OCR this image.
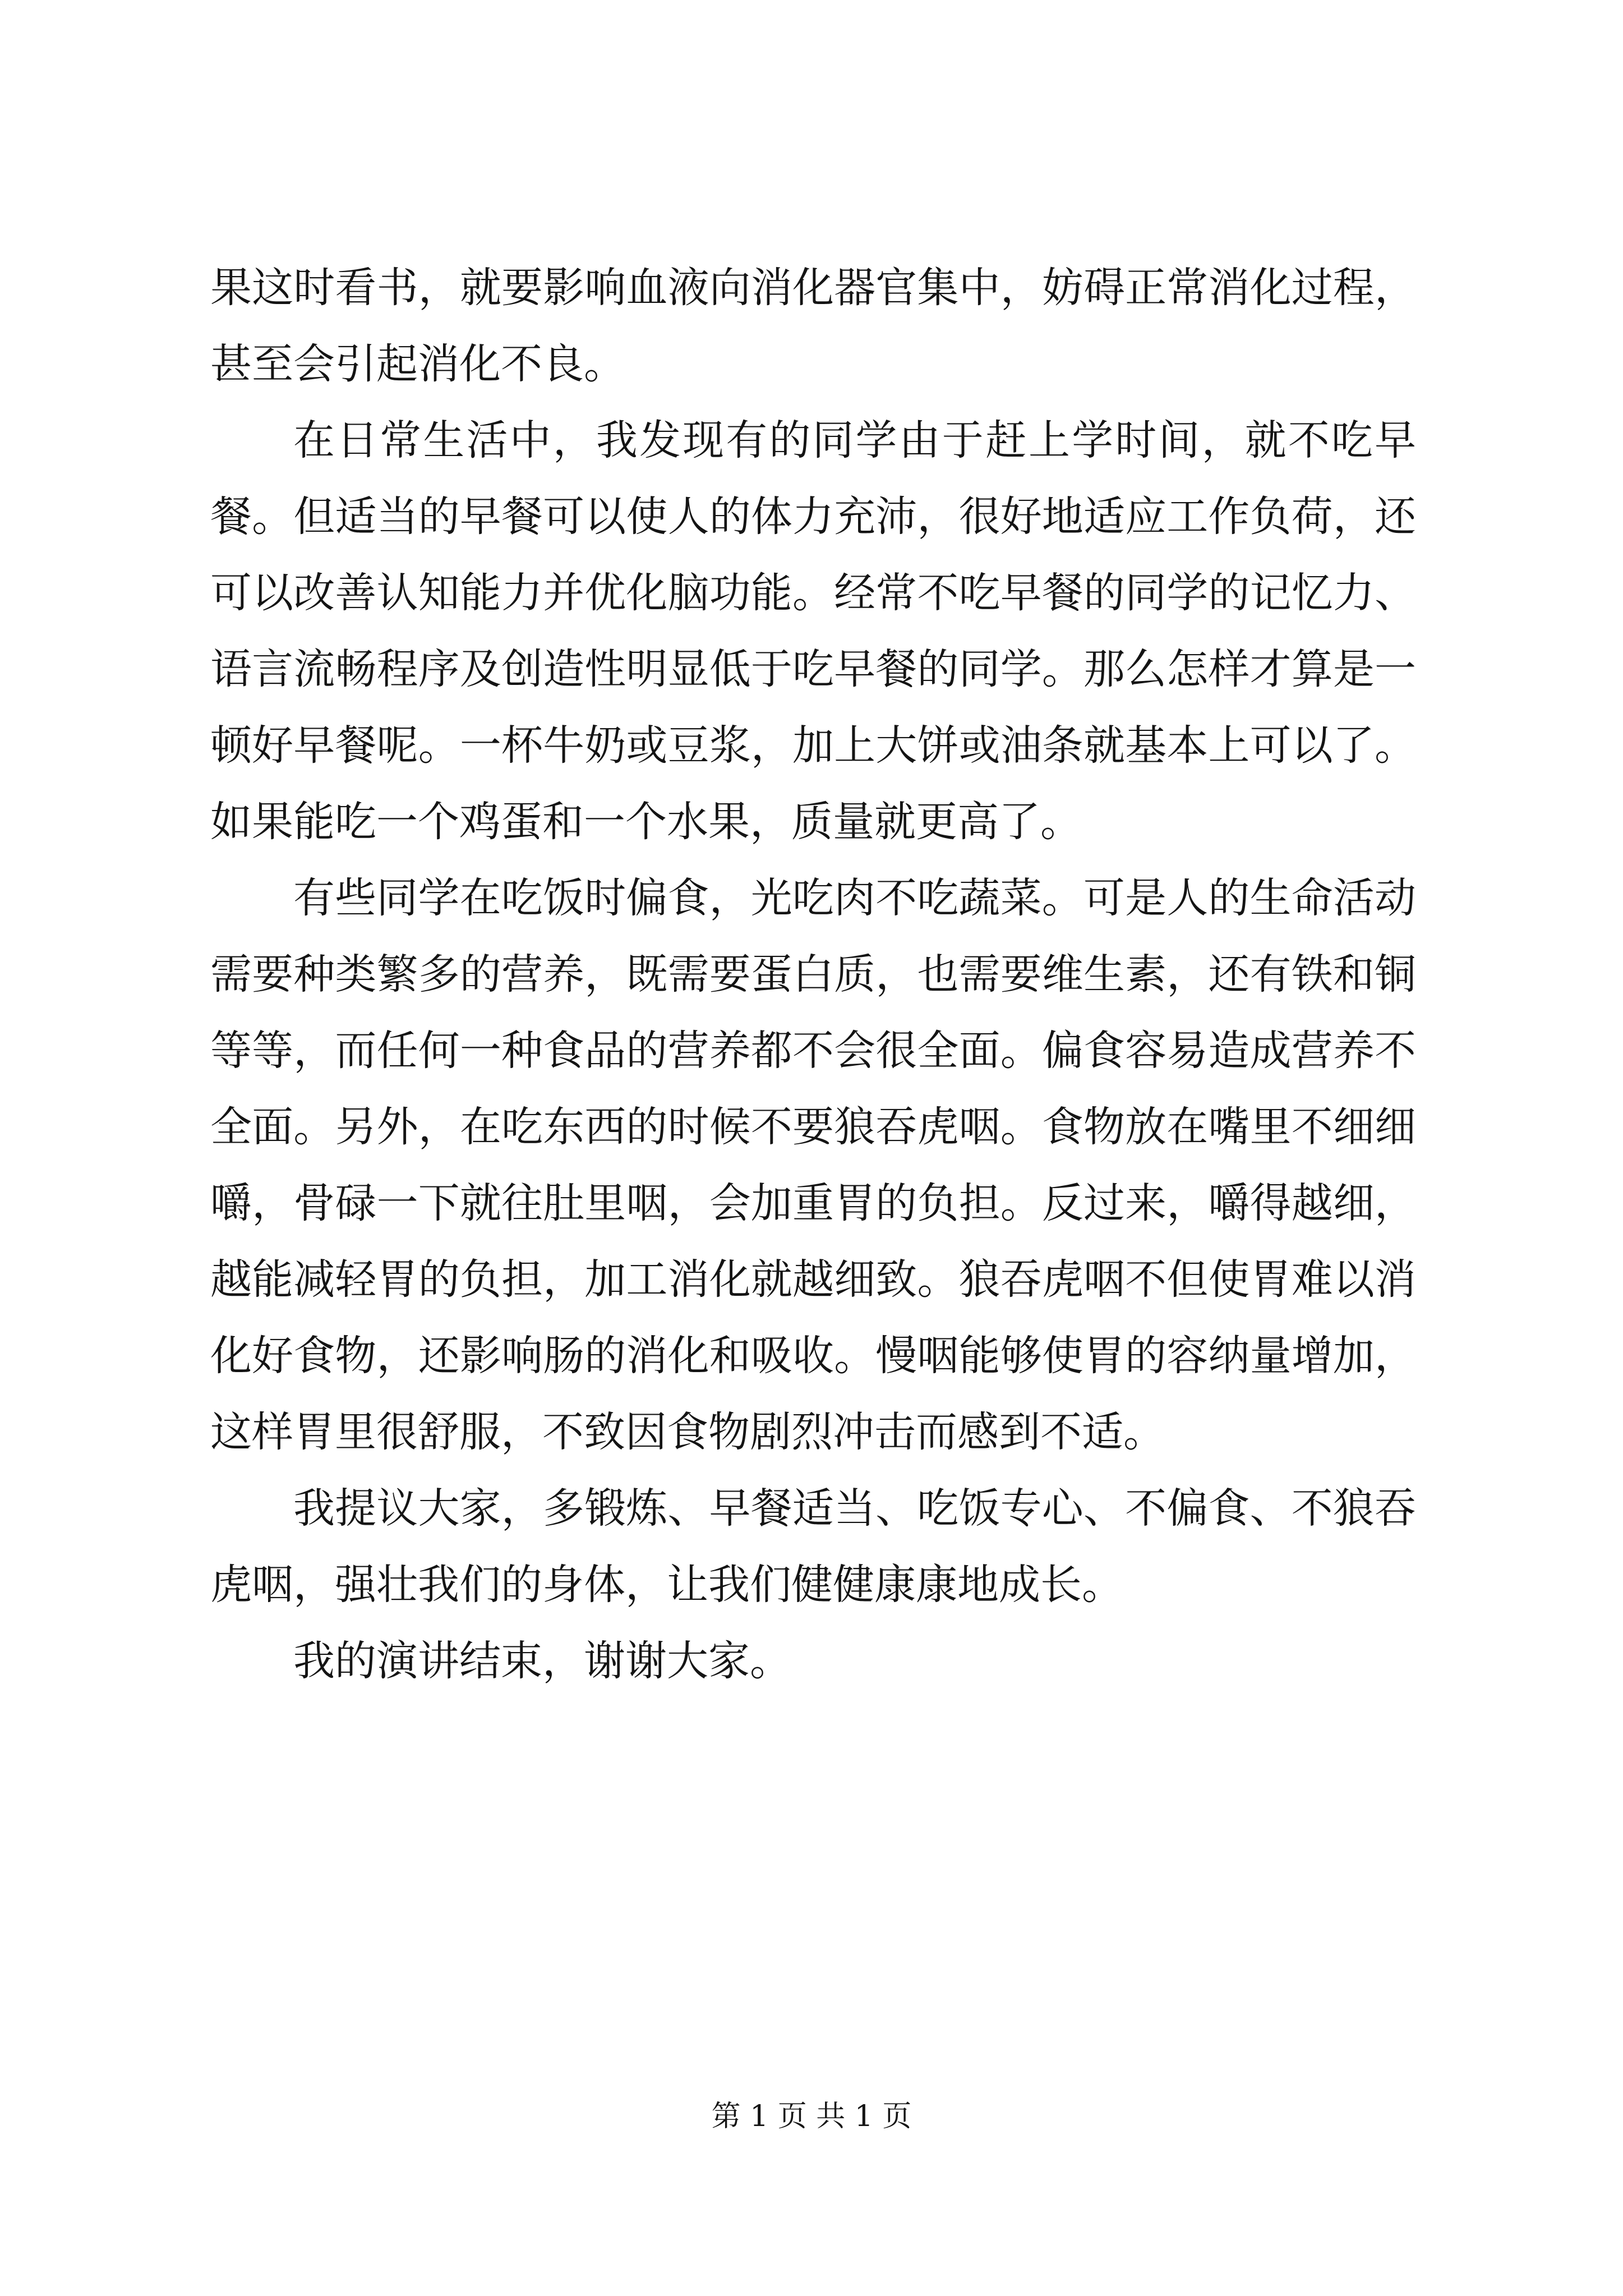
果这时看书，就要影响血液向消化器官集中，妨碍正常消化过程，甚至会引起消化不良。

在日常生活中，我发现有的同学由于赶上学时间，就不吃早餐。但适当的早餐可以使人的体力充沛，很好地适应工作负荷，还可以改善认知能力并优化脑功能。经常不吃早餐的同学的记忆力、语言流畅程序及创造性明显低于吃早餐的同学。那么怎样才算是一顿好早餐呢。一杯牛奶或豆浆，加上大饼或油条就基本上可以了。如果能吃一个鸡蛋和一个水果，质量就更高了。

有些同学在吃饭时偏食，光吃肉不吃蔬菜。可是人的生命活动需要种类繁多的营养，既需要蛋白质，也需要维生素，还有铁和铜等等，而任何一种食品的营养都不会很全面。偏食容易造成营养不全面。另外，在吃东西的时候不要狼吞虎咽。食物放在嘴里不细细嚼，骨碌一下就往肚里咽，会加重胃的负担。反过来，嚼得越细，越能减轻胃的负担，加工消化就越细致。狼吞虎咽不但使胃难以消化好食物，还影响肠的消化和吸收。慢咽能够使胃的容纳量增加，这样胃里很舒服，不致因食物剧烈冲击而感到不适。

我提议大家，多锻炼、早餐适当、吃饭专心、不偏食、不狼吞虎咽，强壮我们的身体，让我们健健康康地成长。

我的演讲结束，谢谢大家。

第 1 页 共 1 页
